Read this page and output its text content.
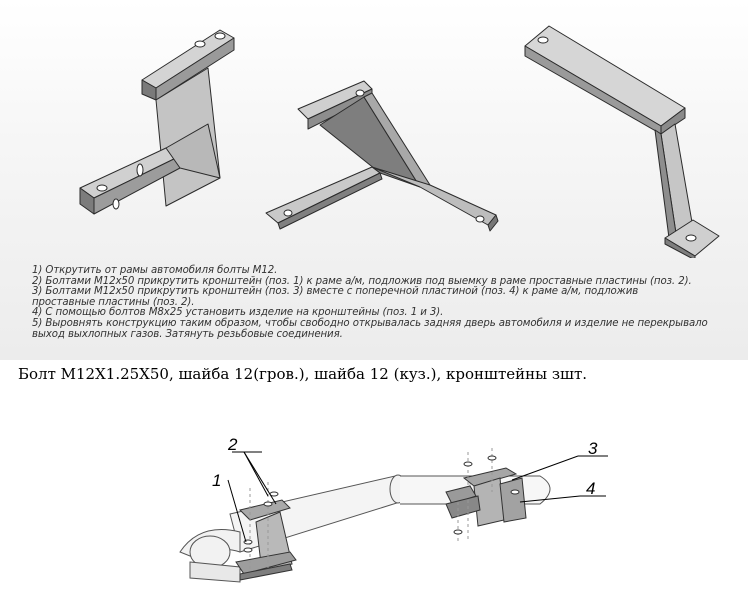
1) Открутить от рамы автомобиля болты М12.

2) Болтами М12х50 прикрутить кронштейн (поз. 1) к раме а/м, подложив под выемку в раме проставные пластины (поз. 2).

3) Болтами М12х50 прикрутить кронштейн (поз. 3) вместе с поперечной пластиной (поз. 4) к раме а/м, подложив

проставные пластины (поз. 2).

4) С помощью болтов М8х25 установить изделие на кронштейны (поз. 1 и 3).

5) Выровнять конструкцию таким образом, чтобы свободно открывалась задняя дверь автомобиля и изделие не перекрывало

выход выхлопных газов. Затянуть резьбовые соединения.

Болт М12X1.25X50, шайба 12(гров.), шайба 12 (куз.), кронштейны зшт.
1
2	3
4
